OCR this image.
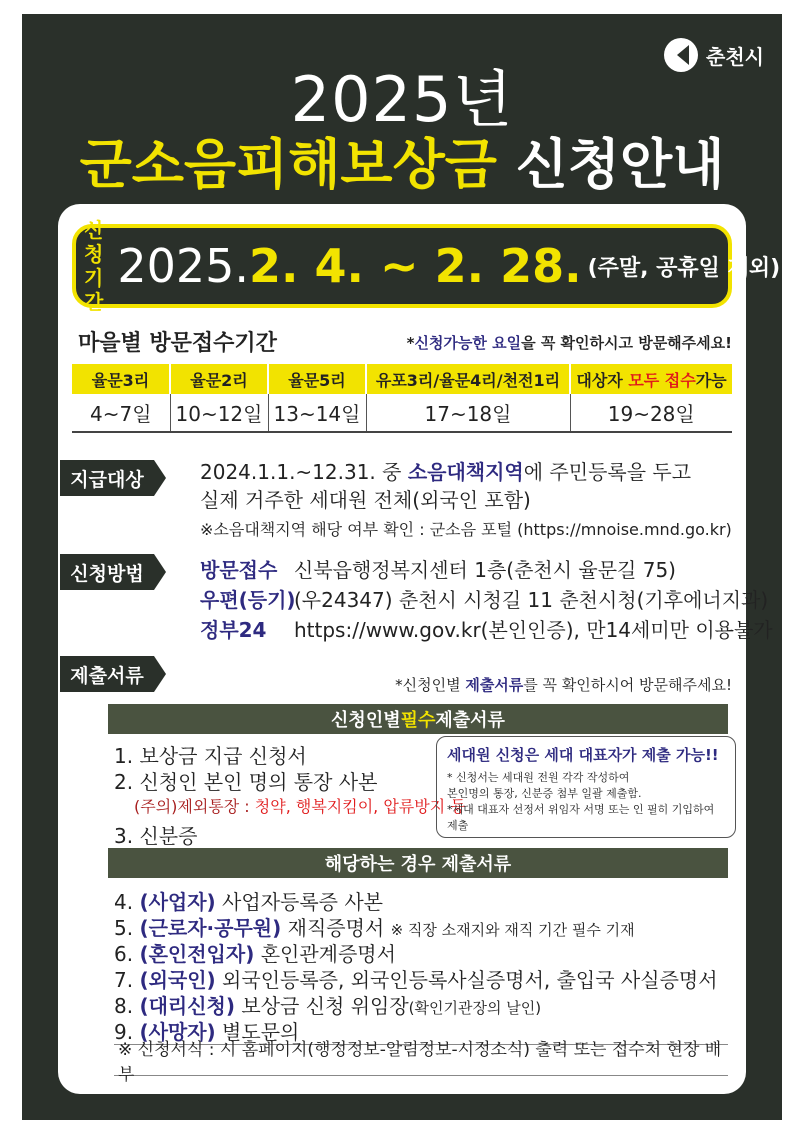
춘천시
2025년
군소음피해보상금 신청안내
신청
기간
2025.2. 4. ~ 2. 28. (주말, 공휴일 제외)
마을별 방문접수기간	*신청가능한 요일을 꼭 확인하시고 방문해주세요!
율문3리	율문2리	율문5리	유포3리/율문4리/천전1리	대상자 모두 접수가능
4~7일	10~12일	13~14일	17~18일	19~28일
지급대상	2024.1.1.~12.31. 중 소음대책지역에 주민등록을 두고
실제 거주한 세대원 전체(외국인 포함)
※소음대책지역 해당 여부 확인 : 군소음 포털 (https://mnoise.mnd.go.kr)
신청방법	방문접수 신북읍행정복지센터 1층(춘천시 율문길 75)
우편(등기)(우24347) 춘천시 시청길 11 춘천시청(기후에너지과)
정부24 https://www.gov.kr(본인인증), 만14세미만 이용불가
제출서류	*신청인별 제출서류를 꼭 확인하시어 방문해주세요!
신청인별 필수 제출서류
1. 보상금 지급 신청서
2. 신청인 본인 명의 통장 사본
(주의)제외통장 : 청약, 행복지킴이, 압류방지 등
3. 신분증
세대원 신청은 세대 대표자가 제출 가능!!
* 신청서는 세대원 전원 각각 작성하여
본인명의 통장, 신분증 첨부 일괄 제출함.
*세대 대표자 선정서 위임자 서명 또는 인 필히 기입하여 제출
해당하는 경우 제출서류
4. (사업자) 사업자등록증 사본
5. (근로자·공무원) 재직증명서 ※ 직장 소재지와 재직 기간 필수 기재
6. (혼인전입자) 혼인관계증명서
7. (외국인) 외국인등록증, 외국인등록사실증명서, 출입국 사실증명서
8. (대리신청) 보상금 신청 위임장(확인기관장의 날인)
9. (사망자) 별도문의
※ 신청서식 : 시 홈페이지(행정정보-알림정보-시정소식) 출력 또는 접수처 현장 배부
